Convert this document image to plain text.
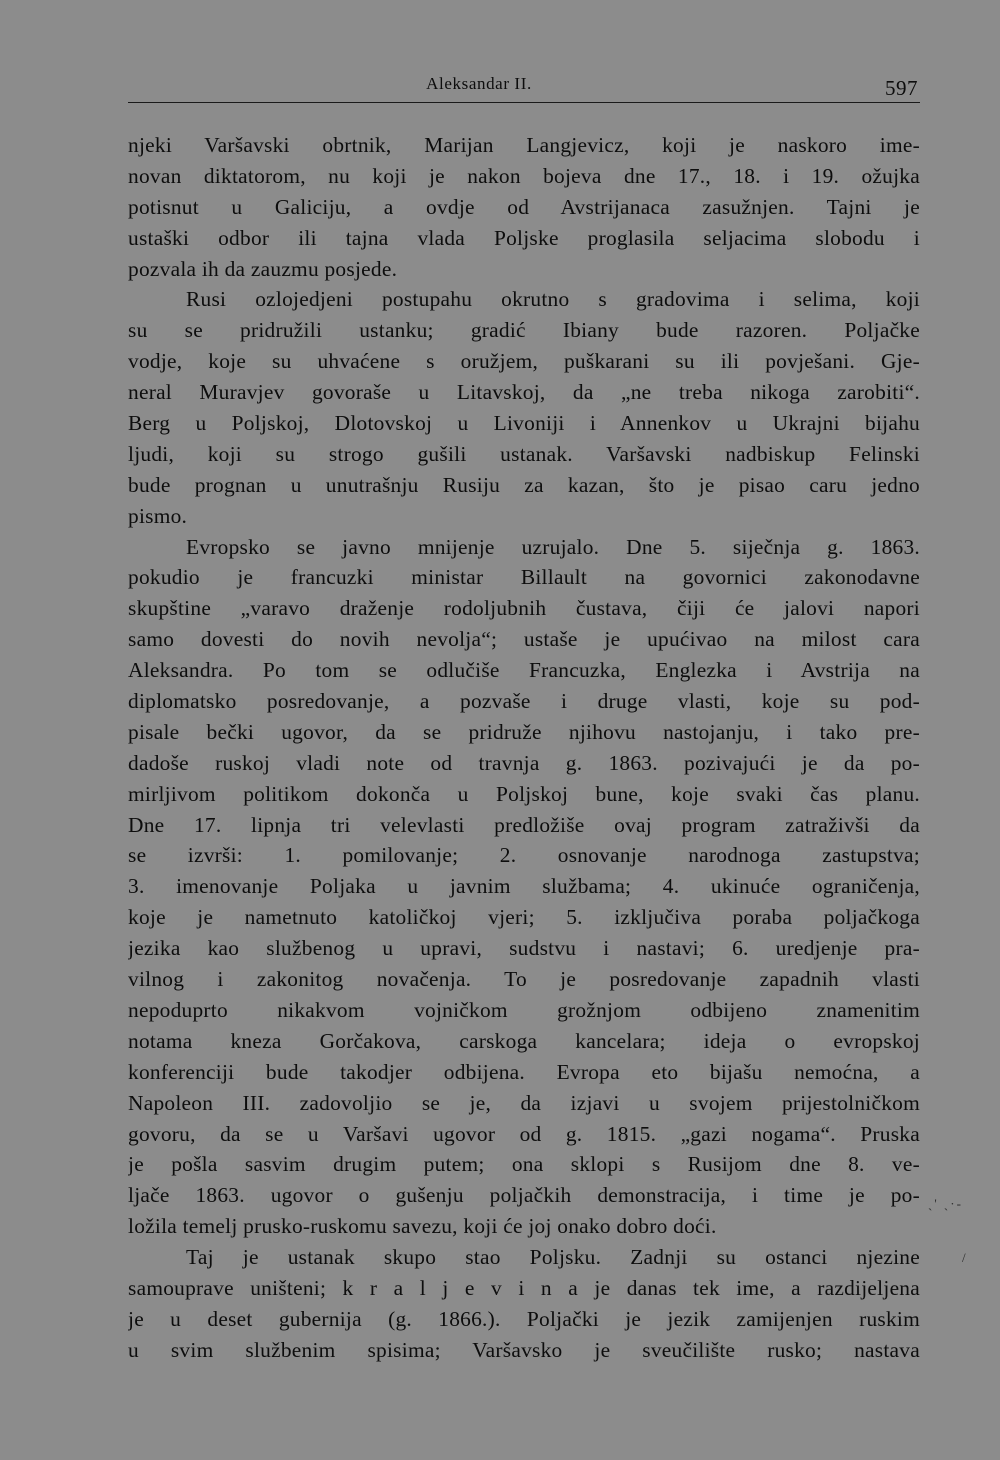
Aleksandar II.	597
njeki Varšavski obrtnik, Marijan Langjevicz, koji je naskoro ime-
novan diktatorom, nu koji je nakon bojeva dne 17., 18. i 19. ožujka
potisnut u Galiciju, a ovdje od Avstrijanaca zasužnjen. Tajni je
ustaški odbor ili tajna vlada Poljske proglasila seljacima slobodu i
pozvala ih da zauzmu posjede.
Rusi ozlojedjeni postupahu okrutno s gradovima i selima, koji
su se pridružili ustanku; gradić Ibiany bude razoren. Poljačke
vodje, koje su uhvaćene s oružjem, puškarani su ili povješani. Gje-
neral Muravjev govoraše u Litavskoj, da „ne treba nikoga zarobiti“.
Berg u Poljskoj, Dlotovskoj u Livoniji i Annenkov u Ukrajni bijahu
ljudi, koji su strogo gušili ustanak. Varšavski nadbiskup Felinski
bude prognan u unutrašnju Rusiju za kazan, što je pisao caru jedno
pismo.
Evropsko se javno mnijenje uzrujalo. Dne 5. siječnja g. 1863.
pokudio je francuzki ministar Billault na govornici zakonodavne
skupštine „varavo draženje rodoljubnih čustava, čiji će jalovi napori
samo dovesti do novih nevolja“; ustaše je upućivao na milost cara
Aleksandra. Po tom se odlučiše Francuzka, Englezka i Avstrija na
diplomatsko posredovanje, a pozvaše i druge vlasti, koje su pod-
pisale bečki ugovor, da se pridruže njihovu nastojanju, i tako pre-
dadoše ruskoj vladi note od travnja g. 1863. pozivajući je da po-
mirljivom politikom dokonča u Poljskoj bune, koje svaki čas planu.
Dne 17. lipnja tri velevlasti predložiše ovaj program zatraživši da
se izvrši: 1. pomilovanje; 2. osnovanje narodnoga zastupstva;
3. imenovanje Poljaka u javnim službama; 4. ukinuće ograničenja,
koje je nametnuto katoličkoj vjeri; 5. izključiva poraba poljačkoga
jezika kao službenog u upravi, sudstvu i nastavi; 6. uredjenje pra-
vilnog i zakonitog novačenja. To je posredovanje zapadnih vlasti
nepoduprto nikakvom vojničkom grožnjom odbijeno znamenitim
notama kneza Gorčakova, carskoga kancelara; ideja o evropskoj
konferenciji bude takodjer odbijena. Evropa eto bijašu nemoćna, a
Napoleon III. zadovoljio se je, da izjavi u svojem prijestolničkom
govoru, da se u Varšavi ugovor od g. 1815. „gazi nogama“. Pruska
je pošla sasvim drugim putem; ona sklopi s Rusijom dne 8. ve-
ljače 1863. ugovor o gušenju poljačkih demonstracija, i time je po-
ložila temelj prusko-ruskomu savezu, koji će joj onako dobro doći.
Taj je ustanak skupo stao Poljsku. Zadnji su ostanci njezine
samouprave uništeni; k r a l j e v i n a je danas tek ime, a razdijeljena
je u deset gubernija (g. 1866.). Poljački je jezik zamijenjen ruskim
u svim službenim spisima; Varšavsko je sveučilište rusko; nastava
ˏ' ˎ·-
/
